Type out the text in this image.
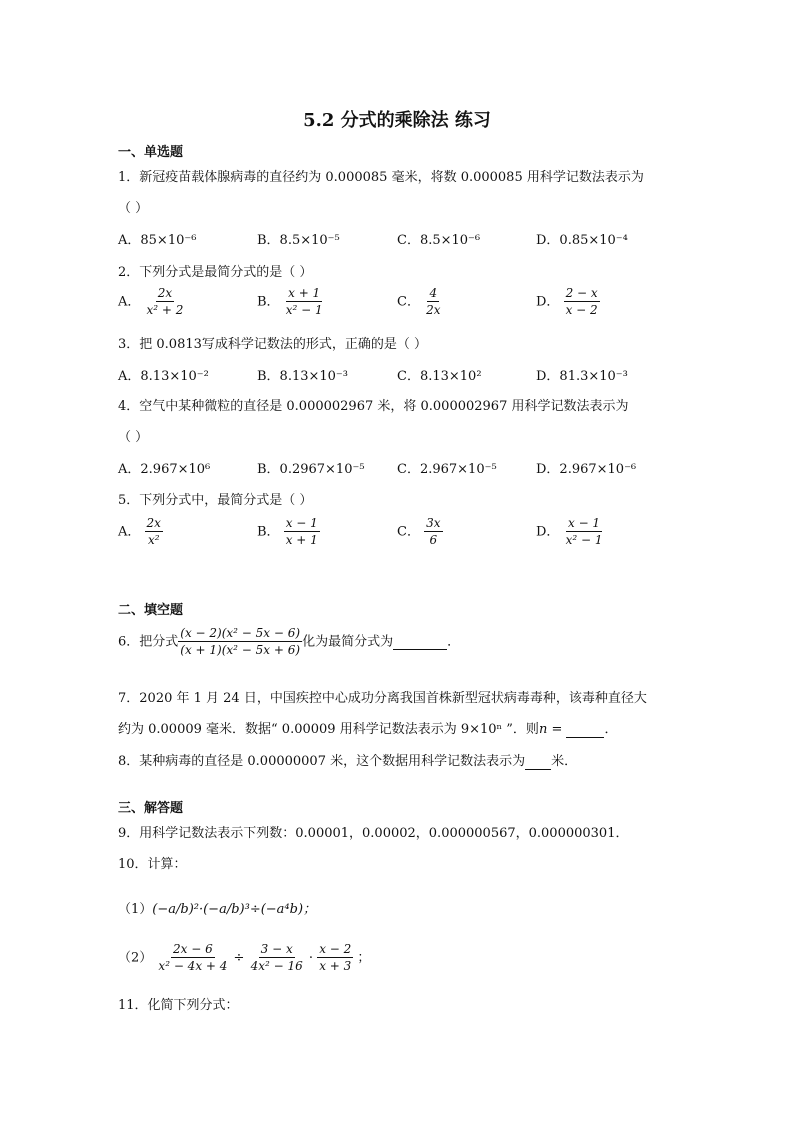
5.2 分式的乘除法 练习
一、单选题
1．新冠疫苗载体腺病毒的直径约为 0.000085 毫米，将数 0.000085 用科学记数法表示为
（ ）
A．85×10⁻⁶	B．8.5×10⁻⁵	C．8.5×10⁻⁶	D．0.85×10⁻⁴
2．下列分式是最简分式的是（ ）
A． $\frac{2x}{\text{x² + 2}}$	B． $\frac{x + 1}{\text{x² − 1}}$	C． $\frac{4}{2x}$	D． $\frac{2 - x}{x - 2}$
3．把 0.0813写成科学记数法的形式，正确的是（ ）
A．8.13×10⁻²	B．8.13×10⁻³	C．8.13×10²	D．81.3×10⁻³
4．空气中某种微粒的直径是 0.000002967 米，将 0.000002967 用科学记数法表示为
（ ）
A．2.967×10⁶	B．0.2967×10⁻⁵ C．2.967×10⁻⁵	D．2.967×10⁻⁶
5．下列分式中，最简分式是（ ）
A． $\frac{2x}{\text{x²}}$	B． $\frac{x - 1}{x + 1}$	C． $\frac{3x}{6}$	D． $\frac{x - 1}{\text{x² − 1}}$
二、填空题
6．把分式 $\frac{\text{(x − 2)(x² − 5x − 6)}}{\text{(x + 1)(x² − 5x + 6)}}$ 化为最简分式为	．
7．2020 年 1 月 24 日，中国疾控中心成功分离我国首株新型冠状病毒毒种，该毒种直径大
约为 0.00009 毫米．数据“ 0.00009 用科学记数法表示为 9×10ⁿ ”．则n =	．
8．某种病毒的直径是 0.00000007 米，这个数据用科学记数法表示为 米．
三、解答题
9．用科学记数法表示下列数：0.00001，0.00002，0.000000567，0.000000301．
10．计算：
（1）(−a/b)²·(−a/b)³÷(−a⁴b)；
$(2) \frac{2x - 6}{\text{x² − 4x + 4}} \div \frac{3 - x}{\text{4x² − 16}} \cdot \frac{x - 2}{x + 3}$ ；
11．化简下列分式：
